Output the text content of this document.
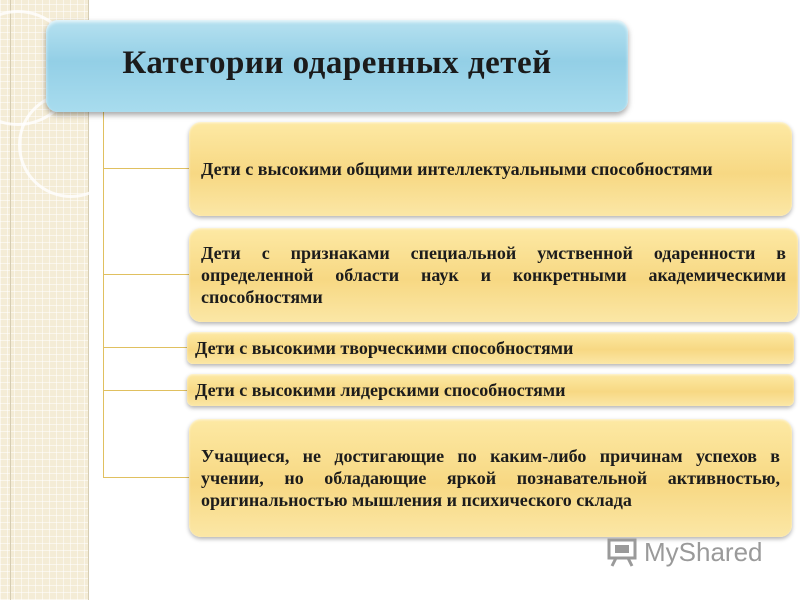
Категории одаренных детей
Дети с высокими общими интеллектуальными способностями
Дети с признаками специальной умственной одаренности в определенной области наук и конкретными академическими способностями
Дети с высокими творческими способностями
Дети с высокими лидерскими способностями
Учащиеся, не достигающие по каким-либо причинам успехов в учении, но обладающие яркой познавательной активностью, оригинальностью мышления и психического склада
MyShared
